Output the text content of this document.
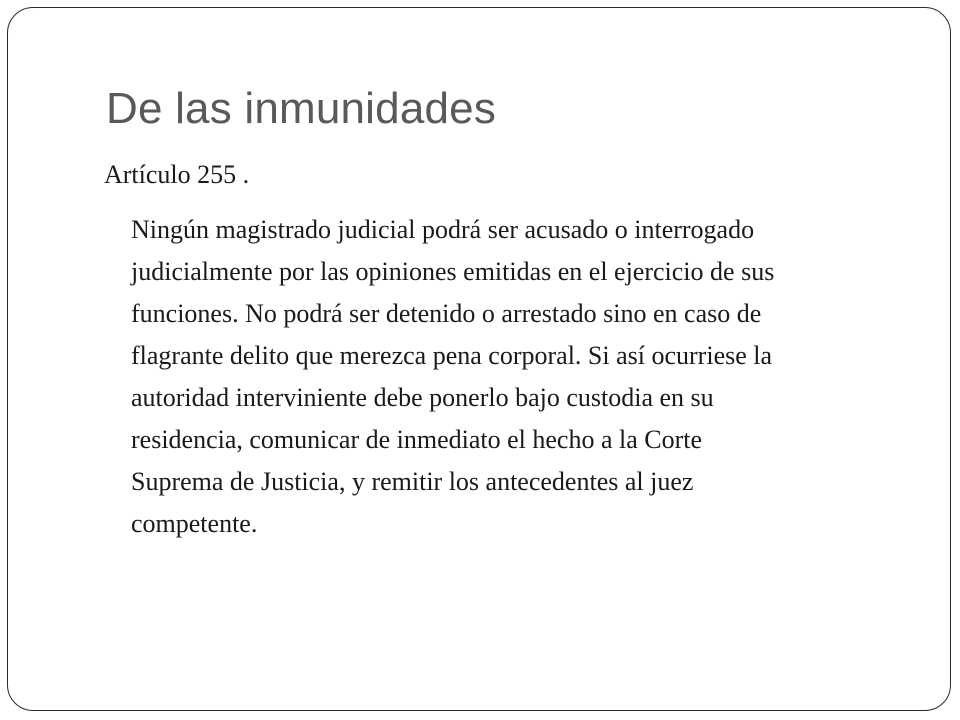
De las inmunidades

Artículo 255 .

Ningún magistrado judicial podrá ser acusado o interrogado
judicialmente por las opiniones emitidas en el ejercicio de sus
funciones. No podrá ser detenido o arrestado sino en caso de
flagrante delito que merezca pena corporal. Si así ocurriese la
autoridad interviniente debe ponerlo bajo custodia en su
residencia, comunicar de inmediato el hecho a la Corte
Suprema de Justicia, y remitir los antecedentes al juez
competente.
